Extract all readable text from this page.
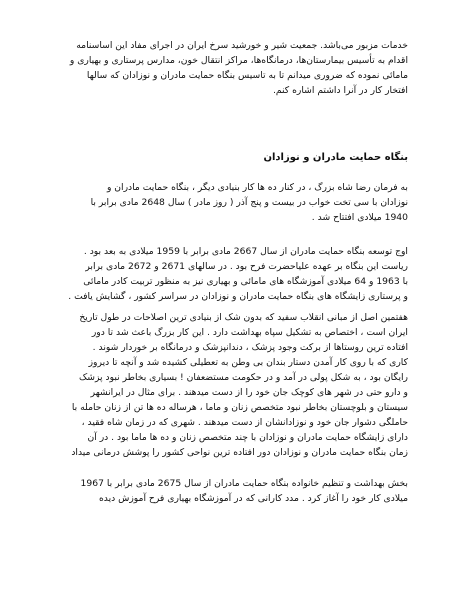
خدمات مزبور می‌باشد. جمعیت شیر و خورشید سرخ ایران در اجرای مفاد این اساسنامه
اقدام به تأسیس بیمارستان‌ها، درمانگاه‌ها، مراکز انتقال خون، مدارس پرستاری و بهیاری و
مامائی نموده که ضروری میدانم تا به تاسیس بنگاه حمایت مادران و نوزادان که سالها
افتخار کار در آنرا داشتم اشاره کنم.

بنگاه حمایت مادران و نوزادان

به فرمان رضا شاه بزرگ ، در کنار ده ها کار بنیادی دیگر ، بنگاه حمایت مادران و
نوزادان با سی تخت خواب در بیست و پنج آذر ( روز مادر ) سال 2648 مادی برابر با
1940 میلادی افتتاح شد .

اوج توسعه بنگاه حمایت مادران از سال 2667 مادی برابر با 1959 میلادی به بعد بود .
ریاست این بنگاه بر عهده علیاحضرت فرح بود . در سالهای 2671 و 2672 مادی برابر
با 1963 و 64 میلادی آموزشگاه های مامائی و بهیاری نیز به منظور تربیت کادر مامائی
و پرستاری زایشگاه های بنگاه حمایت مادران و نوزادان در سراسر کشور ، گشایش یافت .

هفتمین اصل از مبانی انقلاب سفید که بدون شک از بنیادی ترین اصلاحات در طول تاریخ
ایران است ، اختصاص به تشکیل سپاه بهداشت دارد . این کار بزرگ باعث شد تا دور
افتاده ترین روستاها از برکت وجود پزشک ، دندانپزشک و درمانگاه بر خوردار شوند .
کاری که با روی کار آمدن دستار بندان بی وطن به تعطیلی کشیده شد و آنچه تا دیروز
رایگان بود ، به شکل پولی در آمد و در حکومت مستضعفان ! بسیاری بخاطر نبود پزشک
و دارو حتی در شهر های کوچک جان خود را از دست میدهند . برای مثال در ایرانشهر
سیستان و بلوچستان بخاطر نبود متخصص زنان و ماما ، هرساله ده ها تن از زنان حامله با
حاملگی دشوار جان خود و نوزادانشان از دست میدهند . شهری که در زمان شاه فقید ،
دارای زایشگاه حمایت مادران و نوزادان با چند متخصص زنان و ده ها ماما بود . در آن
زمان بنگاه حمایت مادران و نوزادان دور افتاده ترین نواحی کشور را پوشش درمانی میداد

بخش بهداشت و تنظیم خانواده بنگاه حمایت مادران از سال 2675 مادی برابر با 1967
میلادی کار خود را آغاز کرد . مدد کارانی که در آموزشگاه بهیاری فرح آموزش دیده
